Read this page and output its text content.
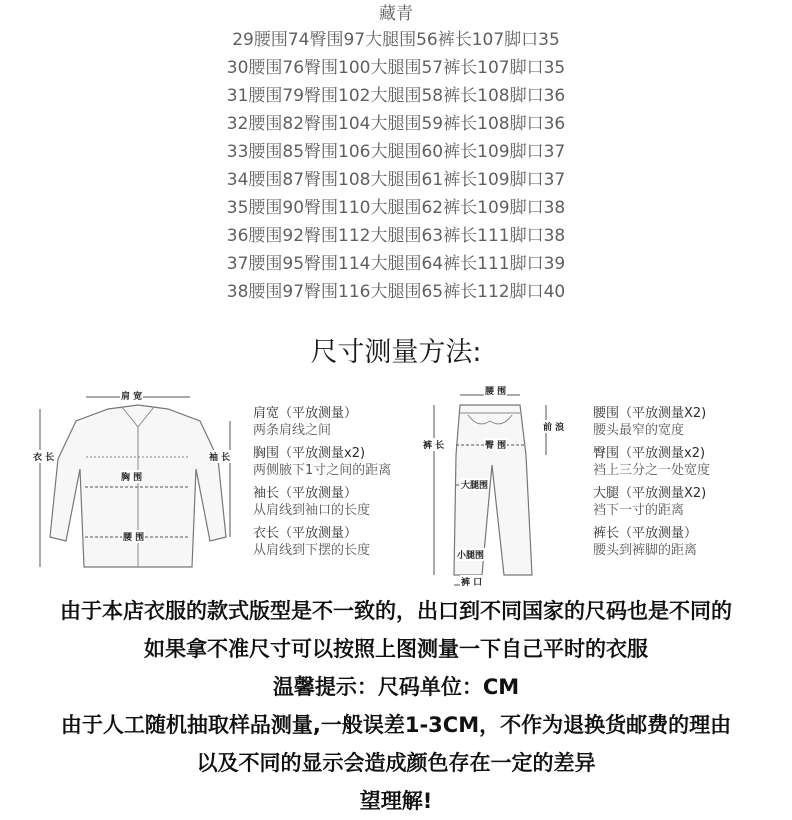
藏青
29腰围74臀围97大腿围56裤长107脚口35
30腰围76臀围100大腿围57裤长107脚口35
31腰围79臀围102大腿围58裤长108脚口36
32腰围82臀围104大腿围59裤长108脚口36
33腰围85臀围106大腿围60裤长109脚口37
34腰围87臀围108大腿围61裤长109脚口37
35腰围90臀围110大腿围62裤长109脚口38
36腰围92臀围112大腿围63裤长111脚口38
37腰围95臀围114大腿围64裤长111脚口39
38腰围97臀围116大腿围65裤长112脚口40
尺寸测量方法:
肩 宽
衣 长	袖 长
胸 围
腰 围
肩宽（平放测量）
两条肩线之间
胸围（平放测量x2)
两侧腋下1寸之间的距离
袖长（平放测量）
从肩线到袖口的长度
衣长（平放测量）
从肩线到下摆的长度
腰 围
前 浪
裤 长	臀 围
大腿围
小腿围
裤 口
腰围（平放测量X2)
腰头最窄的宽度
臀围（平放测量x2)
裆上三分之一处宽度
大腿（平放测量X2)
裆下一寸的距离
裤长（平放测量）
腰头到裤脚的距离
由于本店衣服的款式版型是不一致的，出口到不同国家的尺码也是不同的
如果拿不准尺寸可以按照上图测量一下自己平时的衣服
温馨提示：尺码单位：CM
由于人工随机抽取样品测量,一般误差1-3CM，不作为退换货邮费的理由
以及不同的显示会造成颜色存在一定的差异
望理解!
